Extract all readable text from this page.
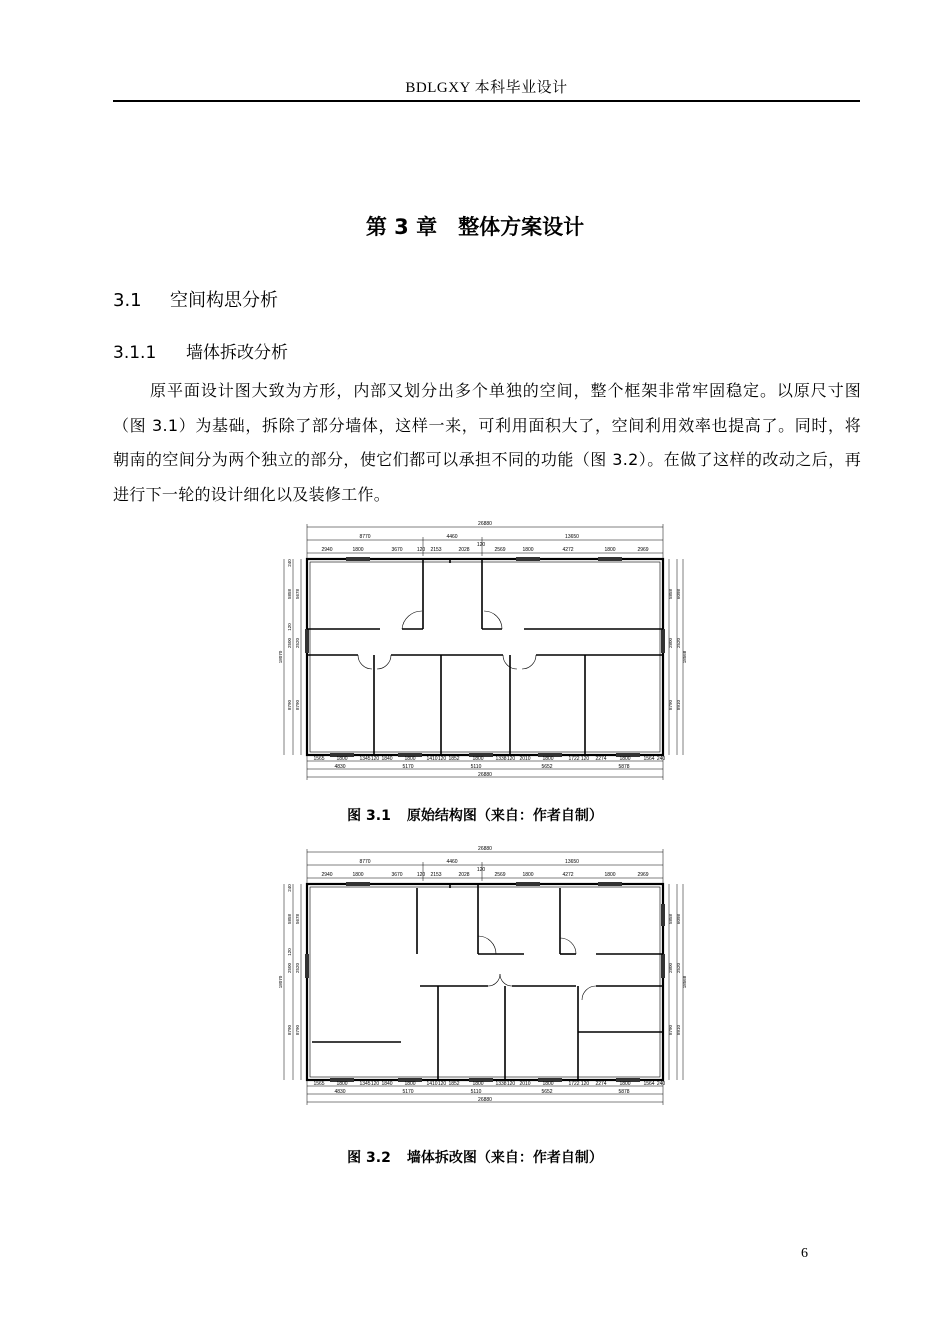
BDLGXY 本科毕业设计
第 3 章　整体方案设计
3.1 空间构思分析
3.1.1 墙体拆改分析
原平面设计图大致为方形，内部又划分出多个单独的空间，整个框架非常牢固稳定。以原尺寸图（图 3.1）为基础，拆除了部分墙体，这样一来，可利用面积大了，空间利用效率也提高了。同时，将朝南的空间分为两个独立的部分，使它们都可以承担不同的功能（图 3.2）。在做了这样的改动之后，再进行下一轮的设计细化以及装修工作。
26880
8770	4460	13650
2940	1800	3670	120 2153	2028
120
2569	1800	4272	1800	2969
1565 1800 1345 120 1840 1800 1410 120 1852	1800 1338 120 2010 1800	1722 120 2274	1800	1564 240
4830	5170	5110	5652	5878
26880
240
5858 5678
120
2500 2520
8790 8790
18070
5858 6098
2800 2520
8790 8910
18568
图 3.1 原始结构图（来自：作者自制）
26880
8770	4460	13650
2940	1800	3670	120 2153	2028
120
2569	1800	4272	1800	2969
1565 1800 1345 120 1840 1800 1410 120 1852	1800 1338 120 2010 1800	1722 120 2274	1800	1564 240
4830	5170	5110	5652	5878
26880
240
5858 5678
120
2500 2520
8790 8790
18070
5858 6098
2800 2520
8790 8910
18568
图 3.2 墙体拆改图（来自：作者自制）
6
